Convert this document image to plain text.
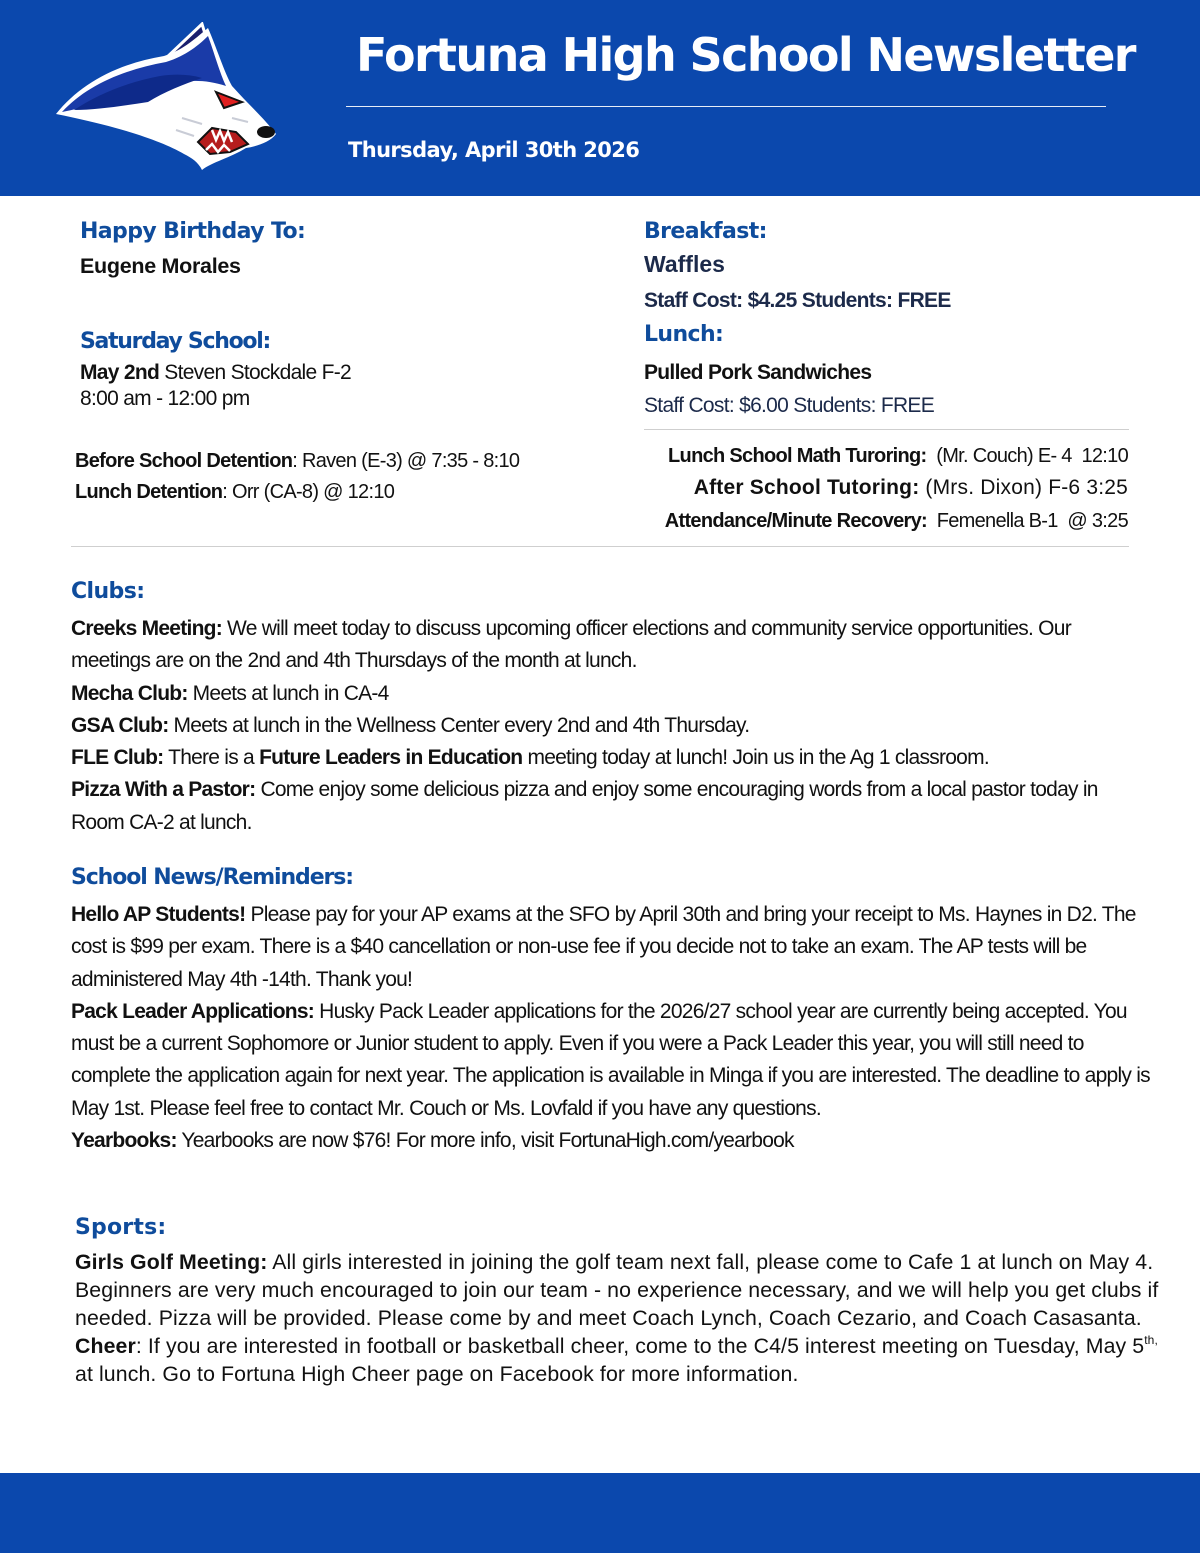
Fortuna High School Newsletter
Thursday, April 30th 2026
Happy Birthday To:
Eugene Morales
Saturday School:
May 2nd Steven Stockdale F-2
8:00 am - 12:00 pm
Breakfast:
Waffles
Staff Cost: $4.25 Students: FREE
Lunch:
Pulled Pork Sandwiches
Staff Cost: $6.00 Students: FREE
Before School Detention: Raven (E-3) @ 7:35 - 8:10
Lunch Detention: Orr (CA-8) @ 12:10
Lunch School Math Turoring:  (Mr. Couch) E- 4  12:10
After School Tutoring: (Mrs. Dixon) F-6 3:25
Attendance/Minute Recovery:  Femenella B-1  @ 3:25
Clubs:

Creeks Meeting: We will meet today to discuss upcoming officer elections and community service opportunities. Our meetings are on the 2nd and 4th Thursdays of the month at lunch.

Mecha Club: Meets at lunch in CA-4

GSA Club: Meets at lunch in the Wellness Center every 2nd and 4th Thursday.

FLE Club: There is a Future Leaders in Education meeting today at lunch! Join us in the Ag 1 classroom.

Pizza With a Pastor: Come enjoy some delicious pizza and enjoy some encouraging words from a local pastor today in Room CA-2 at lunch.

School News/Reminders:

Hello AP Students! Please pay for your AP exams at the SFO by April 30th and bring your receipt to Ms. Haynes in D2. The cost is $99 per exam. There is a $40 cancellation or non-use fee if you decide not to take an exam. The AP tests will be administered May 4th -14th. Thank you!

Pack Leader Applications: Husky Pack Leader applications for the 2026/27 school year are currently being accepted. You must be a current Sophomore or Junior student to apply. Even if you were a Pack Leader this year, you will still need to complete the application again for next year. The application is available in Minga if you are interested. The deadline to apply is May 1st. Please feel free to contact Mr. Couch or Ms. Lovfald if you have any questions.

Yearbooks: Yearbooks are now $76! For more info, visit FortunaHigh.com/yearbook

Sports:

Girls Golf Meeting: All girls interested in joining the golf team next fall, please come to Cafe 1 at lunch on May 4. Beginners are very much encouraged to join our team - no experience necessary, and we will help you get clubs if needed. Pizza will be provided. Please come by and meet Coach Lynch, Coach Cezario, and Coach Casasanta.

Cheer: If you are interested in football or basketball cheer, come to the C4/5 interest meeting on Tuesday, May $5^{th,}$ at lunch. Go to Fortuna High Cheer page on Facebook for more information.
